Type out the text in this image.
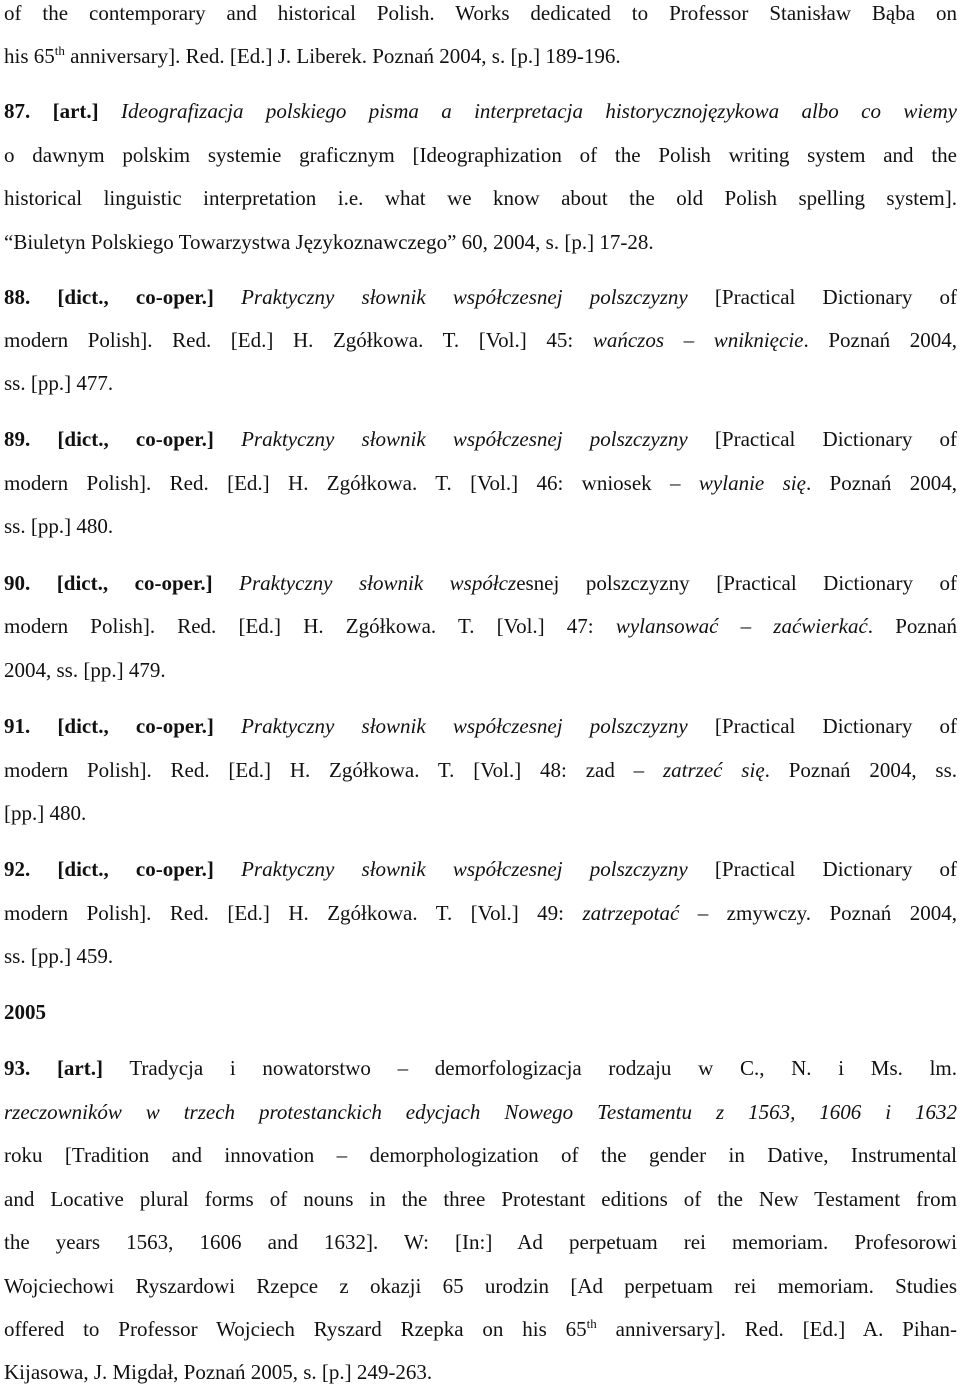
of the contemporary and historical Polish. Works dedicated to Professor Stanisław Bąba on
his 65th anniversary]. Red. [Ed.] J. Liberek. Poznań 2004, s. [p.] 189-196.
87. [art.] Ideografizacja polskiego pisma a interpretacja historycznojęzykowa albo co wiemy
o dawnym polskim systemie graficznym [Ideographization of the Polish writing system and the
historical linguistic interpretation i.e. what we know about the old Polish spelling system].
“Biuletyn Polskiego Towarzystwa Językoznawczego” 60, 2004, s. [p.] 17-28.
88. [dict., co-oper.] Praktyczny słownik współczesnej polszczyzny [Practical Dictionary of
modern Polish]. Red. [Ed.] H. Zgółkowa. T. [Vol.] 45: wańczos – wniknięcie. Poznań 2004,
ss. [pp.] 477.
89. [dict., co-oper.] Praktyczny słownik współczesnej polszczyzny [Practical Dictionary of
modern Polish]. Red. [Ed.] H. Zgółkowa. T. [Vol.] 46: wniosek – wylanie się. Poznań 2004,
ss. [pp.] 480.
90. [dict., co-oper.] Praktyczny słownik współczesnej polszczyzny [Practical Dictionary of
modern Polish]. Red. [Ed.] H. Zgółkowa. T. [Vol.] 47: wylansować – zaćwierkać. Poznań
2004, ss. [pp.] 479.
91. [dict., co-oper.] Praktyczny słownik współczesnej polszczyzny [Practical Dictionary of
modern Polish]. Red. [Ed.] H. Zgółkowa. T. [Vol.] 48: zad – zatrzeć się. Poznań 2004, ss.
[pp.] 480.
92. [dict., co-oper.] Praktyczny słownik współczesnej polszczyzny [Practical Dictionary of
modern Polish]. Red. [Ed.] H. Zgółkowa. T. [Vol.] 49: zatrzepotać – zmywczy. Poznań 2004,
ss. [pp.] 459.
2005
93. [art.] Tradycja i nowatorstwo – demorfologizacja rodzaju w C., N. i Ms. lm.
rzeczowników w trzech protestanckich edycjach Nowego Testamentu z 1563, 1606 i 1632
roku [Tradition and innovation – demorphologization of the gender in Dative, Instrumental
and Locative plural forms of nouns in the three Protestant editions of the New Testament from
the years 1563, 1606 and 1632]. W: [In:] Ad perpetuam rei memoriam. Profesorowi
Wojciechowi Ryszardowi Rzepce z okazji 65 urodzin [Ad perpetuam rei memoriam. Studies
offered to Professor Wojciech Ryszard Rzepka on his 65th anniversary]. Red. [Ed.] A. Pihan-
Kijasowa, J. Migdał, Poznań 2005, s. [p.] 249-263.
